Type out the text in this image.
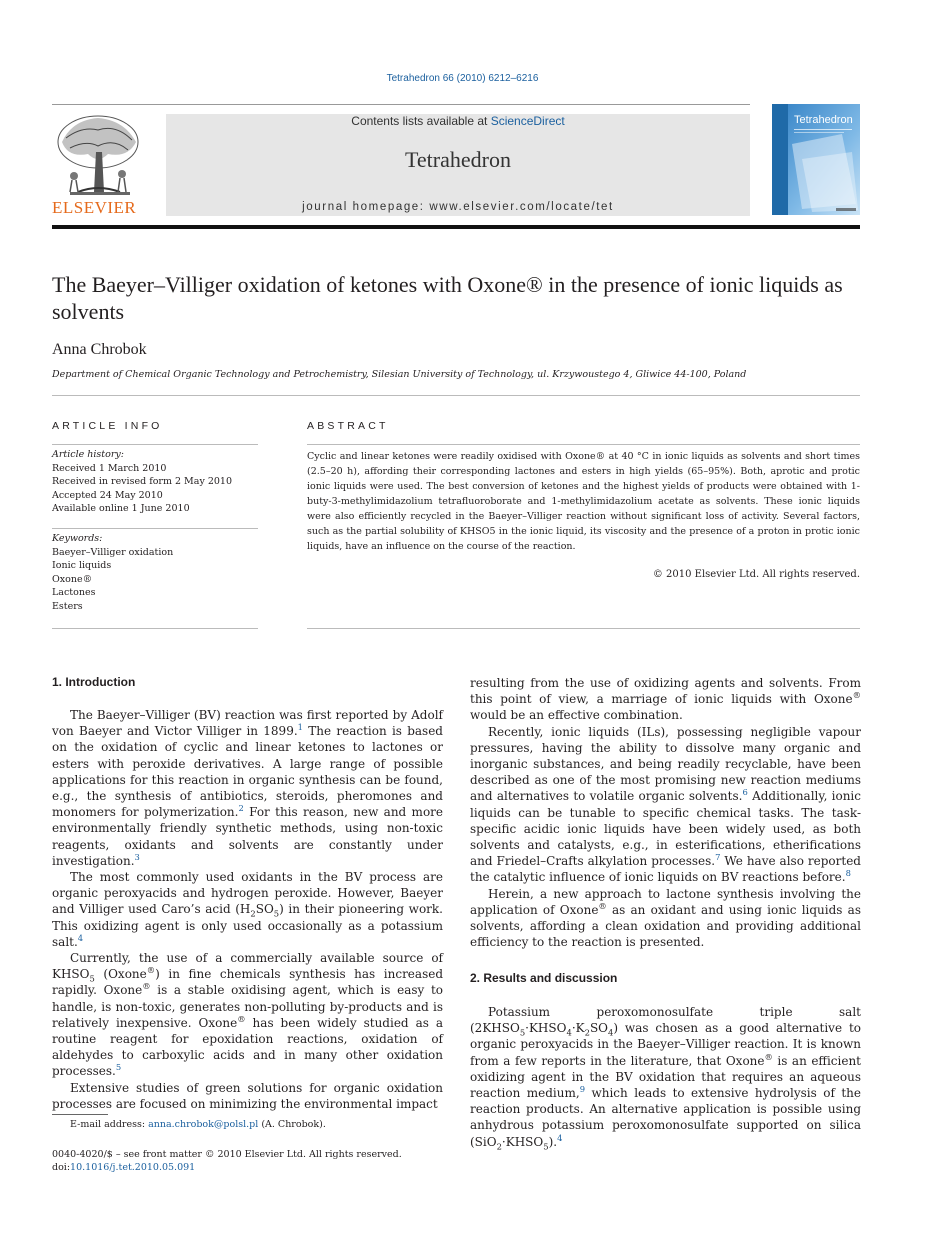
Tetrahedron 66 (2010) 6212–6216
ELSEVIER
Contents lists available at ScienceDirect
Tetrahedron
journal homepage: www.elsevier.com/locate/tet
Tetrahedron
The Baeyer–Villiger oxidation of ketones with Oxone® in the presence of ionic liquids as solvents
Anna Chrobok
Department of Chemical Organic Technology and Petrochemistry, Silesian University of Technology, ul. Krzywoustego 4, Gliwice 44-100, Poland
ARTICLE INFO
Article history:
Received 1 March 2010
Received in revised form 2 May 2010
Accepted 24 May 2010
Available online 1 June 2010
Keywords:
Baeyer–Villiger oxidation
Ionic liquids
Oxone®
Lactones
Esters
ABSTRACT
Cyclic and linear ketones were readily oxidised with Oxone® at 40 °C in ionic liquids as solvents and short times (2.5–20 h), affording their corresponding lactones and esters in high yields (65–95%). Both, aprotic and protic ionic liquids were used. The best conversion of ketones and the highest yields of products were obtained with 1-buty-3-methylimidazolium tetrafluoroborate and 1-methylimidazolium acetate as solvents. These ionic liquids were also efficiently recycled in the Baeyer–Villiger reaction without significant loss of activity. Several factors, such as the partial solubility of KHSO5 in the ionic liquid, its viscosity and the presence of a proton in protic ionic liquids, have an influence on the course of the reaction.
© 2010 Elsevier Ltd. All rights reserved.
1. Introduction

The Baeyer–Villiger (BV) reaction was first reported by Adolf von Baeyer and Victor Villiger in 1899.$^1$ The reaction is based on the oxidation of cyclic and linear ketones to lactones or esters with peroxide derivatives. A large range of possible applications for this reaction in organic synthesis can be found, e.g., the synthesis of antibiotics, steroids, pheromones and monomers for polymerization.$^2$ For this reason, new and more environmentally friendly synthetic methods, using non-toxic reagents, oxidants and solvents are constantly under investigation.$^3$

The most commonly used oxidants in the BV process are organic peroxyacids and hydrogen peroxide. However, Baeyer and Villiger used Caro’s acid $(H_2SO_5)$ in their pioneering work. This oxidizing agent is only used occasionally as a potassium salt.$^4$

Currently, the use of a commercially available source of $KHSO_5$ (Oxone®) in fine chemicals synthesis has increased rapidly. Oxone® is a stable oxidising agent, which is easy to handle, is non-toxic, generates non-polluting by-products and is relatively inexpensive. Oxone® has been widely studied as a routine reagent for epoxidation reactions, oxidation of aldehydes to carboxylic acids and in many other oxidation processes.$^5$

Extensive studies of green solutions for organic oxidation processes are focused on minimizing the environmental impact

resulting from the use of oxidizing agents and solvents. From this point of view, a marriage of ionic liquids with Oxone® would be an effective combination.

Recently, ionic liquids (ILs), possessing negligible vapour pressures, having the ability to dissolve many organic and inorganic substances, and being readily recyclable, have been described as one of the most promising new reaction mediums and alternatives to volatile organic solvents.$^6$ Additionally, ionic liquids can be tunable to specific chemical tasks. The task-specific acidic ionic liquids have been widely used, as both solvents and catalysts, e.g., in esterifications, etherifications and Friedel–Crafts alkylation processes.$^7$ We have also reported the catalytic influence of ionic liquids on BV reactions before.$^8$

Herein, a new approach to lactone synthesis involving the application of Oxone® as an oxidant and using ionic liquids as solvents, affording a clean oxidation and providing additional efficiency to the reaction is presented.

2. Results and discussion

Potassium peroxomonosulfate triple salt $(2KHSO_5\cdot KHSO_4\cdot K_2SO_4)$ was chosen as a good alternative to organic peroxyacids in the Baeyer–Villiger reaction. It is known from a few reports in the literature, that Oxone® is an efficient oxidizing agent in the BV oxidation that requires an aqueous reaction medium,$^9$ which leads to extensive hydrolysis of the reaction products. An alternative application is possible using anhydrous potassium peroxomonosulfate supported on silica $(SiO_2\cdot KHSO_5).^4$

E-mail address: anna.chrobok@polsl.pl (A. Chrobok).
0040-4020/$ – see front matter © 2010 Elsevier Ltd. All rights reserved.
doi:10.1016/j.tet.2010.05.091
